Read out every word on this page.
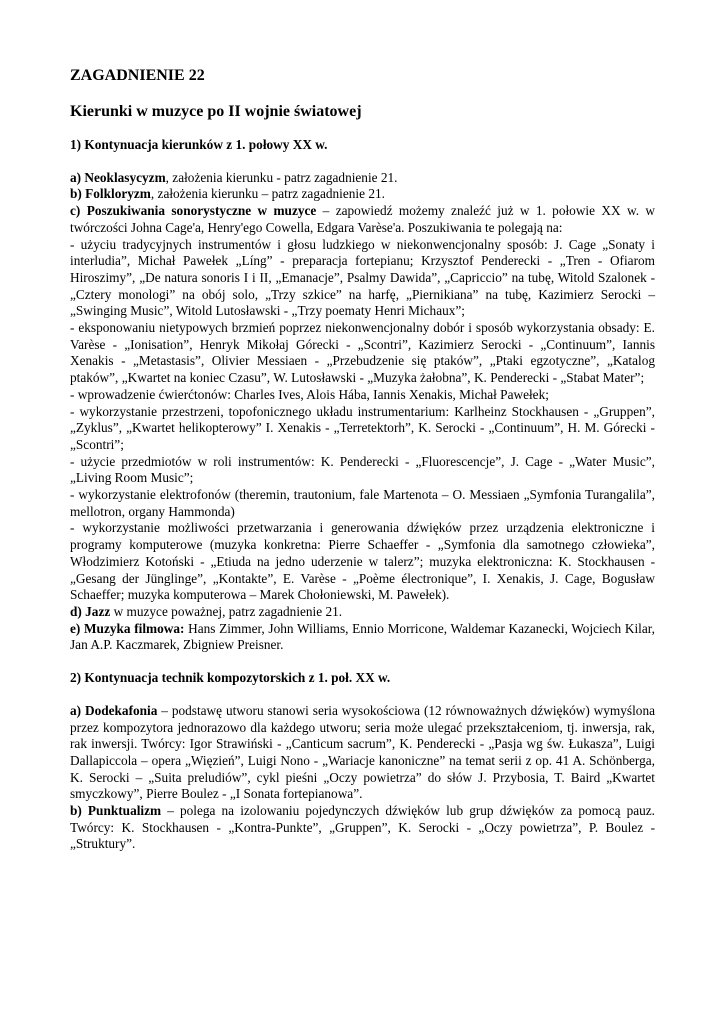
ZAGADNIENIE 22
Kierunki w muzyce po II wojnie światowej
1) Kontynuacja kierunków z 1. połowy XX w.

a) Neoklasycyzm, założenia kierunku - patrz zagadnienie 21.

b) Folkloryzm, założenia kierunku – patrz zagadnienie 21.

c) Poszukiwania sonorystyczne w muzyce – zapowiedź możemy znaleźć już w 1. połowie XX w. w twórczości Johna Cage'a, Henry'ego Cowella, Edgara Varèse'a. Poszukiwania te polegają na:

- użyciu tradycyjnych instrumentów i głosu ludzkiego w niekonwencjonalny sposób: J. Cage „Sonaty i interludia”, Michał Pawełek „Líng” - preparacja fortepianu; Krzysztof Penderecki - „Tren - Ofiarom Hiroszimy”, „De natura sonoris I i II, „Emanacje”, Psalmy Dawida”, „Capriccio” na tubę, Witold Szalonek - „Cztery monologi” na obój solo, „Trzy szkice” na harfę, „Piernikiana” na tubę, Kazimierz Serocki – „Swinging Music”, Witold Lutosławski - „Trzy poematy Henri Michaux”;

- eksponowaniu nietypowych brzmień poprzez niekonwencjonalny dobór i sposób wykorzystania obsady: E. Varèse - „Ionisation”, Henryk Mikołaj Górecki - „Scontri”, Kazimierz Serocki - „Continuum”, Iannis Xenakis - „Metastasis”, Olivier Messiaen - „Przebudzenie się ptaków”, „Ptaki egzotyczne”, „Katalog ptaków”, „Kwartet na koniec Czasu”, W. Lutosławski - „Muzyka żałobna”, K. Penderecki - „Stabat Mater”;

- wprowadzenie ćwierćtonów: Charles Ives, Alois Hába, Iannis Xenakis, Michał Pawełek;

- wykorzystanie przestrzeni, topofonicznego układu instrumentarium: Karlheinz Stockhausen - „Gruppen”, „Zyklus”, „Kwartet helikopterowy” I. Xenakis - „Terretektorh”, K. Serocki - „Continuum”, H. M. Górecki - „Scontri”;

- użycie przedmiotów w roli instrumentów: K. Penderecki - „Fluorescencje”, J. Cage - „Water Music”, „Living Room Music”;

- wykorzystanie elektrofonów (theremin, trautonium, fale Martenota – O. Messiaen „Symfonia Turangalila”, mellotron, organy Hammonda)

- wykorzystanie możliwości przetwarzania i generowania dźwięków przez urządzenia elektroniczne i programy komputerowe (muzyka konkretna: Pierre Schaeffer - „Symfonia dla samotnego człowieka”, Włodzimierz Kotoński - „Etiuda na jedno uderzenie w talerz”; muzyka elektroniczna: K. Stockhausen - „Gesang der Jünglinge”, „Kontakte”, E. Varèse - „Poème électronique”, I. Xenakis, J. Cage, Bogusław Schaeffer; muzyka komputerowa – Marek Chołoniewski, M. Pawełek).

d) Jazz w muzyce poważnej, patrz zagadnienie 21.

e) Muzyka filmowa: Hans Zimmer, John Williams, Ennio Morricone, Waldemar Kazanecki, Wojciech Kilar, Jan A.P. Kaczmarek, Zbigniew Preisner.

2) Kontynuacja technik kompozytorskich z 1. poł. XX w.

a) Dodekafonia – podstawę utworu stanowi seria wysokościowa (12 równoważnych dźwięków) wymyślona przez kompozytora jednorazowo dla każdego utworu; seria może ulegać przekształceniom, tj. inwersja, rak, rak inwersji. Twórcy: Igor Strawiński - „Canticum sacrum”, K. Penderecki - „Pasja wg św. Łukasza”, Luigi Dallapiccola – opera „Więzień”, Luigi Nono - „Wariacje kanoniczne” na temat serii z op. 41 A. Schönberga, K. Serocki – „Suita preludiów”, cykl pieśni „Oczy powietrza” do słów J. Przybosia, T. Baird „Kwartet smyczkowy”, Pierre Boulez - „I Sonata fortepianowa”.

b) Punktualizm – polega na izolowaniu pojedynczych dźwięków lub grup dźwięków za pomocą pauz. Twórcy: K. Stockhausen - „Kontra-Punkte”, „Gruppen”, K. Serocki - „Oczy powietrza”, P. Boulez - „Struktury”.
